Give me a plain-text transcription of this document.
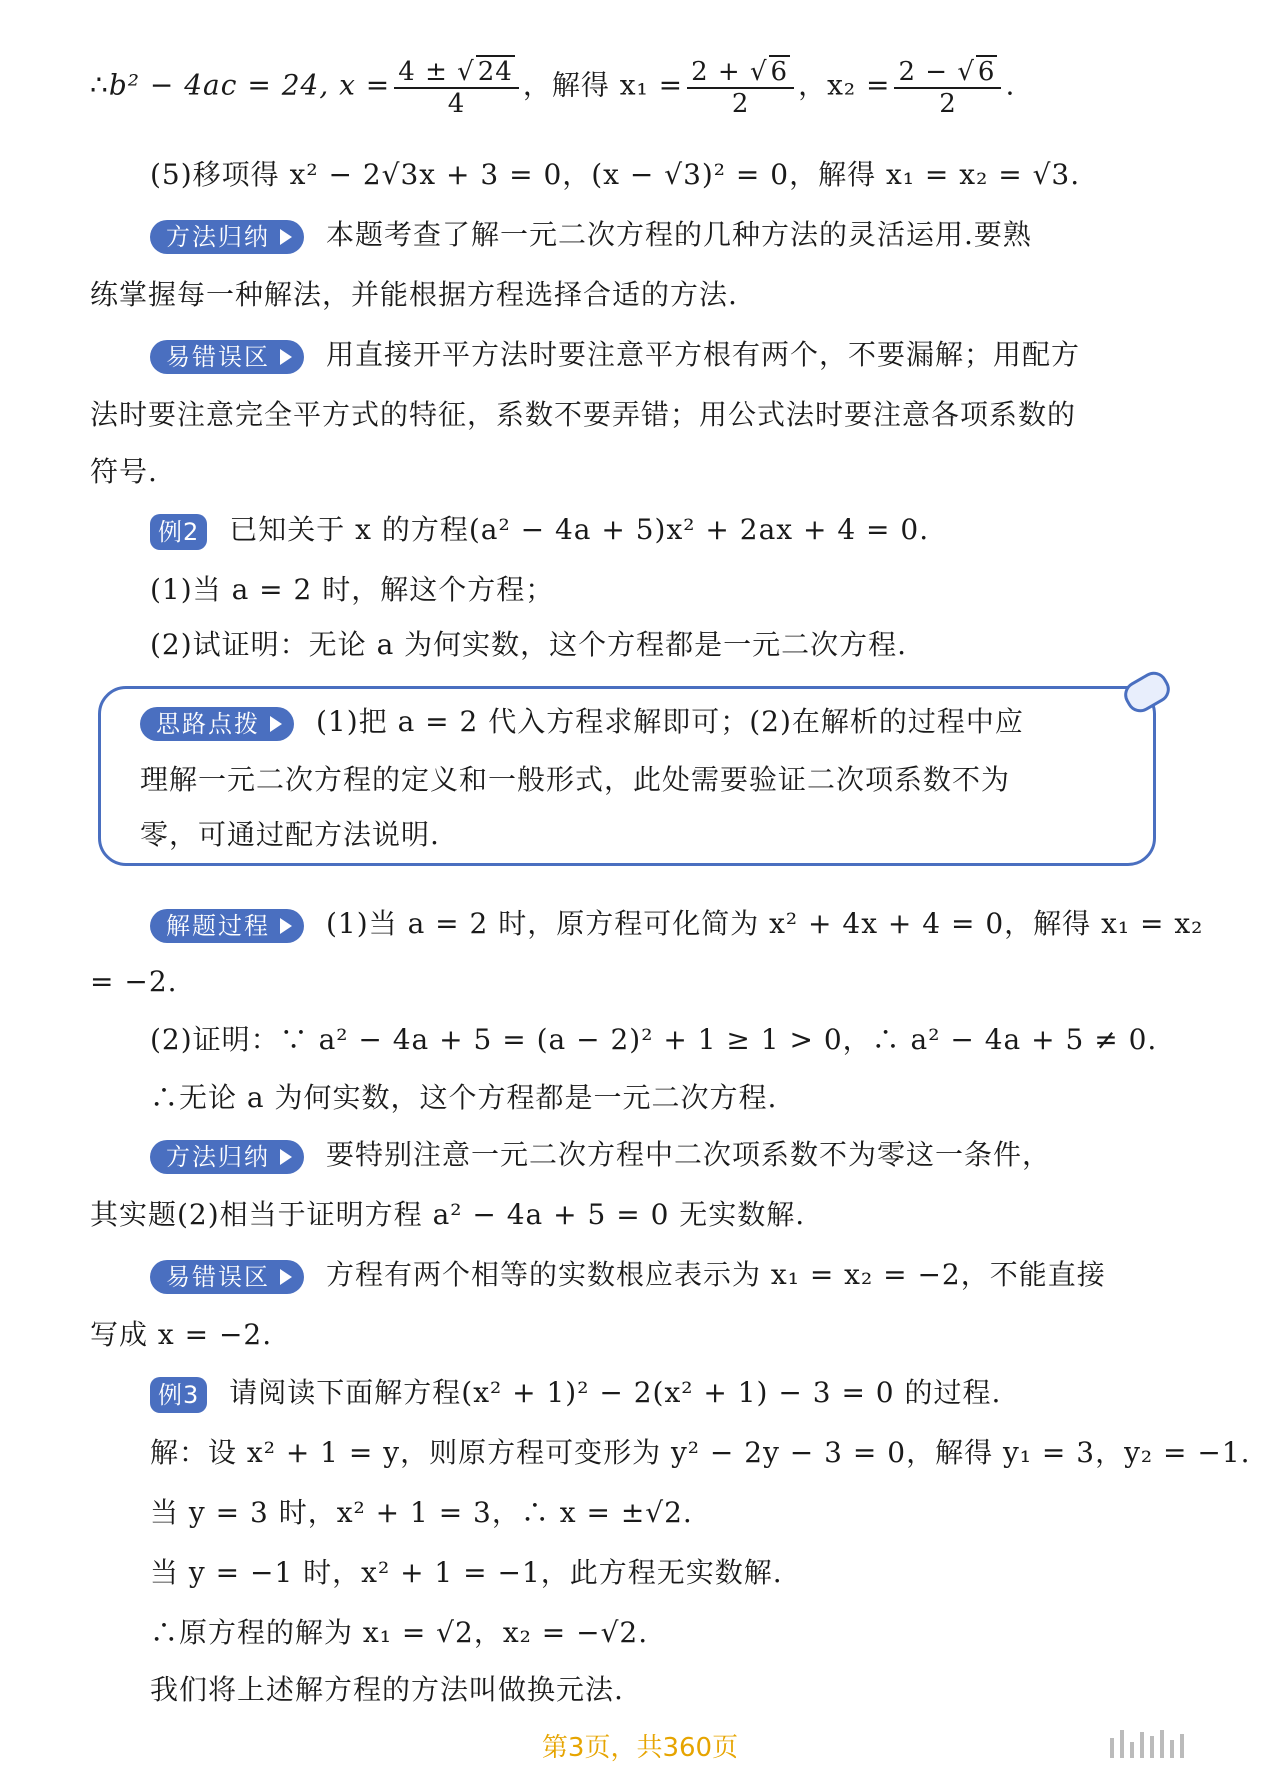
∴b² − 4ac = 24, $x = \frac{4 \pm √ 24}{4}$ ，解得 $x_1 = \frac{2 + √ 6}{2}$ ，$x_2 = \frac{2 - √ 6}{2}$ .
(5)移项得 x² − 2√3x + 3 = 0，(x − √3)² = 0，解得 x₁ = x₂ = √3.
方法归纳 本题考查了解一元二次方程的几种方法的灵活运用.要熟
练掌握每一种解法，并能根据方程选择合适的方法.
易错误区 用直接开平方法时要注意平方根有两个，不要漏解；用配方
法时要注意完全平方式的特征，系数不要弄错；用公式法时要注意各项系数的
符号.
例2 已知关于 x 的方程(a² − 4a + 5)x² + 2ax + 4 = 0.
(1)当 a = 2 时，解这个方程；
(2)试证明：无论 a 为何实数，这个方程都是一元二次方程.
思路点拨 (1)把 a = 2 代入方程求解即可；(2)在解析的过程中应
理解一元二次方程的定义和一般形式，此处需要验证二次项系数不为
零，可通过配方法说明.
解题过程 (1)当 a = 2 时，原方程可化简为 x² + 4x + 4 = 0，解得 x₁ = x₂
= −2.
(2)证明：∵ a² − 4a + 5 = (a − 2)² + 1 ≥ 1 > 0，∴ a² − 4a + 5 ≠ 0.
∴无论 a 为何实数，这个方程都是一元二次方程.
方法归纳 要特别注意一元二次方程中二次项系数不为零这一条件，
其实题(2)相当于证明方程 a² − 4a + 5 = 0 无实数解.
易错误区 方程有两个相等的实数根应表示为 x₁ = x₂ = −2，不能直接
写成 x = −2.
例3 请阅读下面解方程(x² + 1)² − 2(x² + 1) − 3 = 0 的过程.
解：设 x² + 1 = y，则原方程可变形为 y² − 2y − 3 = 0，解得 y₁ = 3，y₂ = −1.
当 y = 3 时，x² + 1 = 3，∴ x = ±√2.
当 y = −1 时，x² + 1 = −1，此方程无实数解.
∴原方程的解为 x₁ = √2，x₂ = −√2.
我们将上述解方程的方法叫做换元法.
第3页，共360页
